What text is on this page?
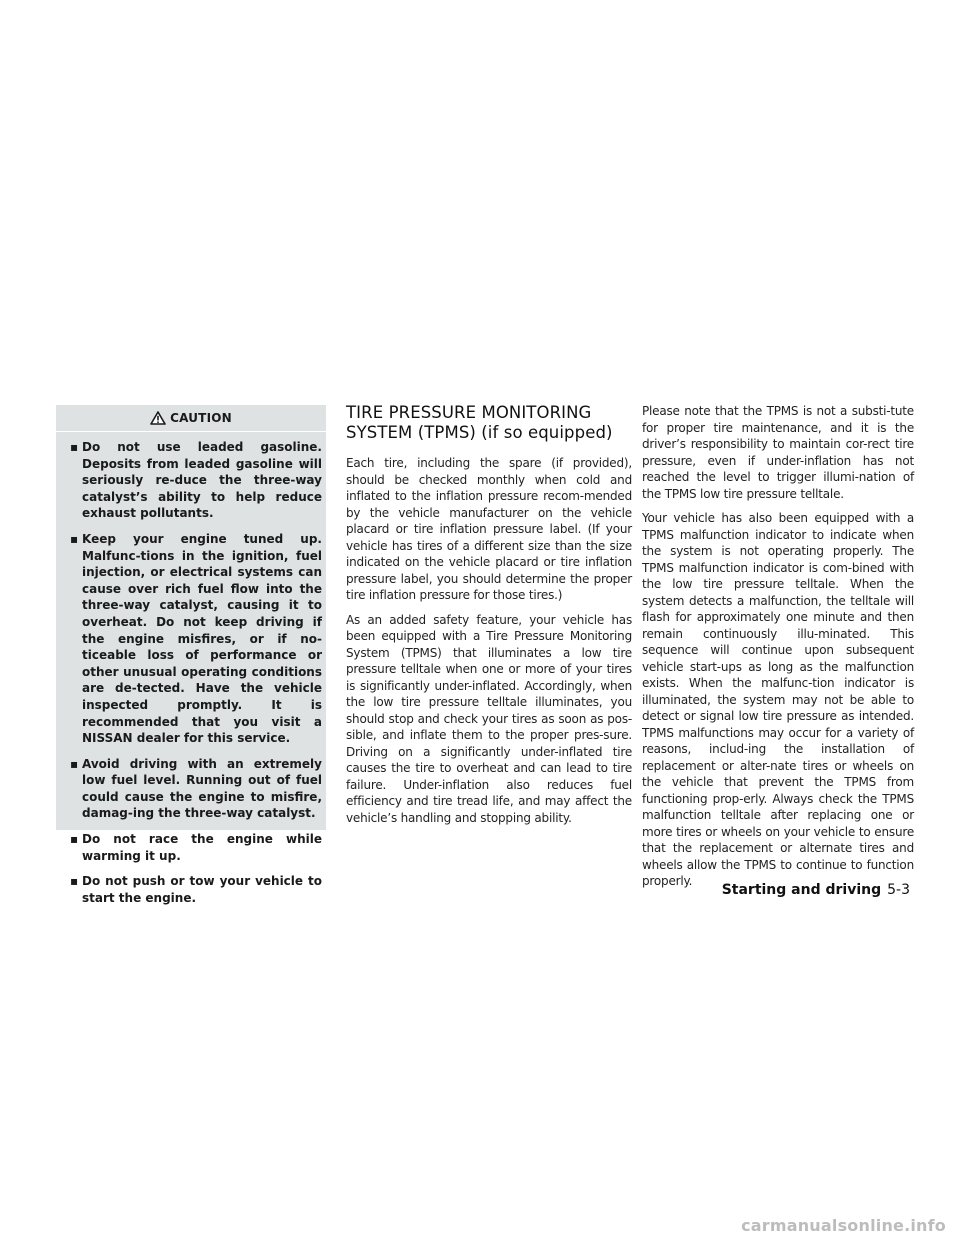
CAUTION
▪ Do not use leaded gasoline. Deposits from leaded gasoline will seriously re-duce the three-way catalyst’s ability to help reduce exhaust pollutants.
▪ Keep your engine tuned up. Malfunc-tions in the ignition, fuel injection, or electrical systems can cause over rich fuel flow into the three-way catalyst, causing it to overheat. Do not keep driving if the engine misfires, or if no-ticeable loss of performance or other unusual operating conditions are de-tected. Have the vehicle inspected promptly. It is recommended that you visit a NISSAN dealer for this service.
▪ Avoid driving with an extremely low fuel level. Running out of fuel could cause the engine to misfire, damag-ing the three-way catalyst.
▪ Do not race the engine while warming it up.
▪ Do not push or tow your vehicle to start the engine.
TIRE PRESSURE MONITORING
SYSTEM (TPMS) (if so equipped)

Each tire, including the spare (if provided), should be checked monthly when cold and inflated to the inflation pressure recom-mended by the vehicle manufacturer on the vehicle placard or tire inflation pressure label. (If your vehicle has tires of a different size than the size indicated on the vehicle placard or tire inflation pressure label, you should determine the proper tire inflation pressure for those tires.)

As an added safety feature, your vehicle has been equipped with a Tire Pressure Monitoring System (TPMS) that illuminates a low tire pressure telltale when one or more of your tires is significantly under-inflated. Accordingly, when the low tire pressure telltale illuminates, you should stop and check your tires as soon as pos-sible, and inflate them to the proper pres-sure. Driving on a significantly under-inflated tire causes the tire to overheat and can lead to tire failure. Under-inflation also reduces fuel efficiency and tire tread life, and may affect the vehicle’s handling and stopping ability.

Please note that the TPMS is not a substi-tute for proper tire maintenance, and it is the driver’s responsibility to maintain cor-rect tire pressure, even if under-inflation has not reached the level to trigger illumi-nation of the TPMS low tire pressure telltale.

Your vehicle has also been equipped with a TPMS malfunction indicator to indicate when the system is not operating properly. The TPMS malfunction indicator is com-bined with the low tire pressure telltale. When the system detects a malfunction, the telltale will flash for approximately one minute and then remain continuously illu-minated. This sequence will continue upon subsequent vehicle start-ups as long as the malfunction exists. When the malfunc-tion indicator is illuminated, the system may not be able to detect or signal low tire pressure as intended. TPMS malfunctions may occur for a variety of reasons, includ-ing the installation of replacement or alter-nate tires or wheels on the vehicle that prevent the TPMS from functioning prop-erly. Always check the TPMS malfunction telltale after replacing one or more tires or wheels on your vehicle to ensure that the replacement or alternate tires and wheels allow the TPMS to continue to function properly.

Starting and driving 5-3
carmanualsonline.info
